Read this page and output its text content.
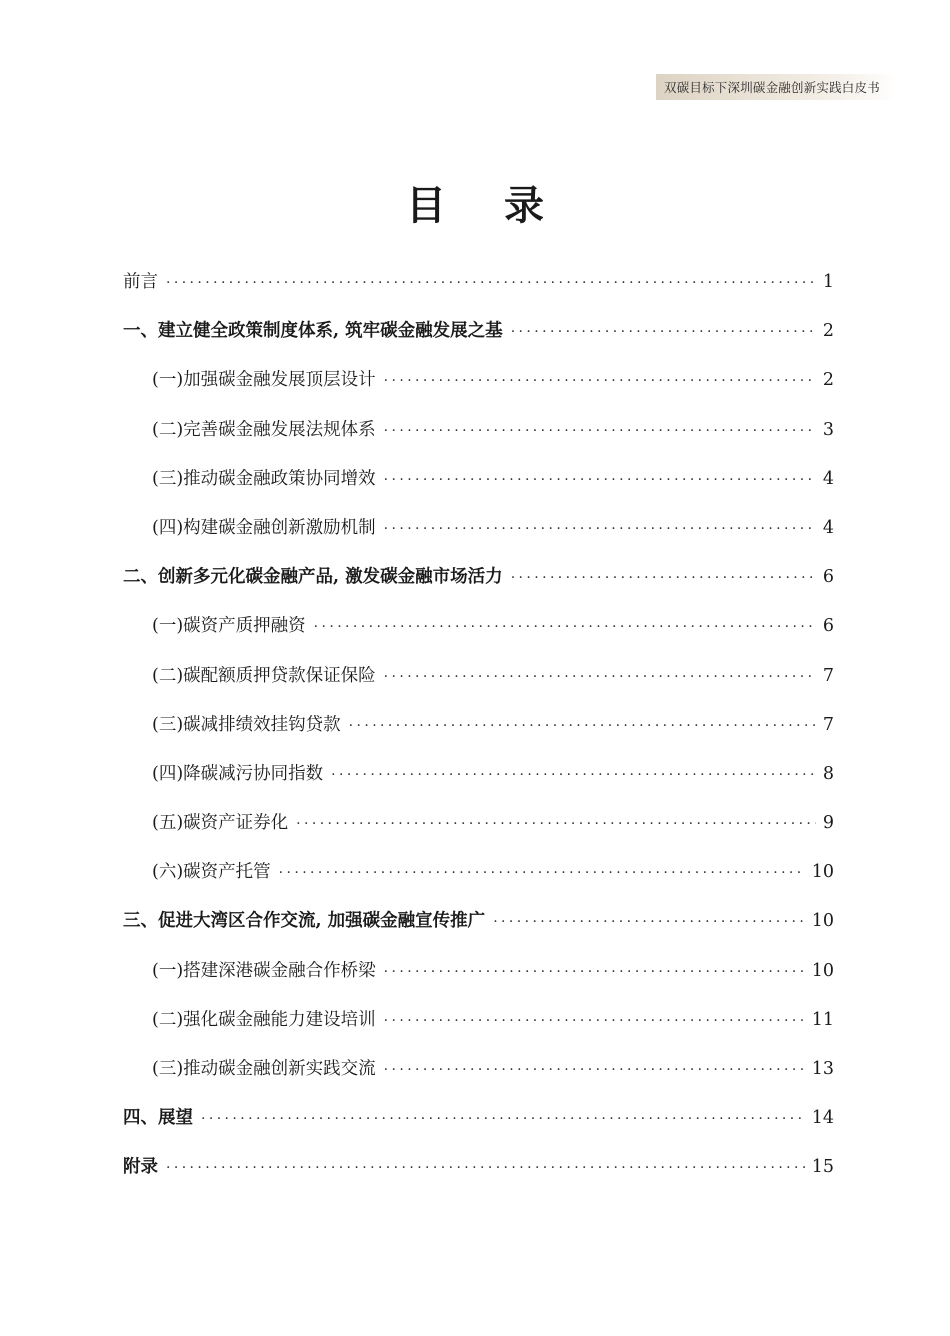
双碳目标下深圳碳金融创新实践白皮书
目 录
前言 ·····	1
一、建立健全政策制度体系, 筑牢碳金融发展之基 ·····	2
(一)加强碳金融发展顶层设计 ·····	2
(二)完善碳金融发展法规体系 ·····	3
(三)推动碳金融政策协同增效 ·····	4
(四)构建碳金融创新激励机制 ·····	4
二、创新多元化碳金融产品, 激发碳金融市场活力 ·····	6
(一)碳资产质押融资 ·····	6
(二)碳配额质押贷款保证保险 ·····	7
(三)碳减排绩效挂钩贷款 ·····	7
(四)降碳减污协同指数 ·····	8
(五)碳资产证券化 ·····	9
(六)碳资产托管 ·····	10
三、促进大湾区合作交流, 加强碳金融宣传推广 ·····	10
(一)搭建深港碳金融合作桥梁 ·····	10
(二)强化碳金融能力建设培训 ·····	11
(三)推动碳金融创新实践交流 ·····	13
四、展望 ·····	14
附录 ·····	15
